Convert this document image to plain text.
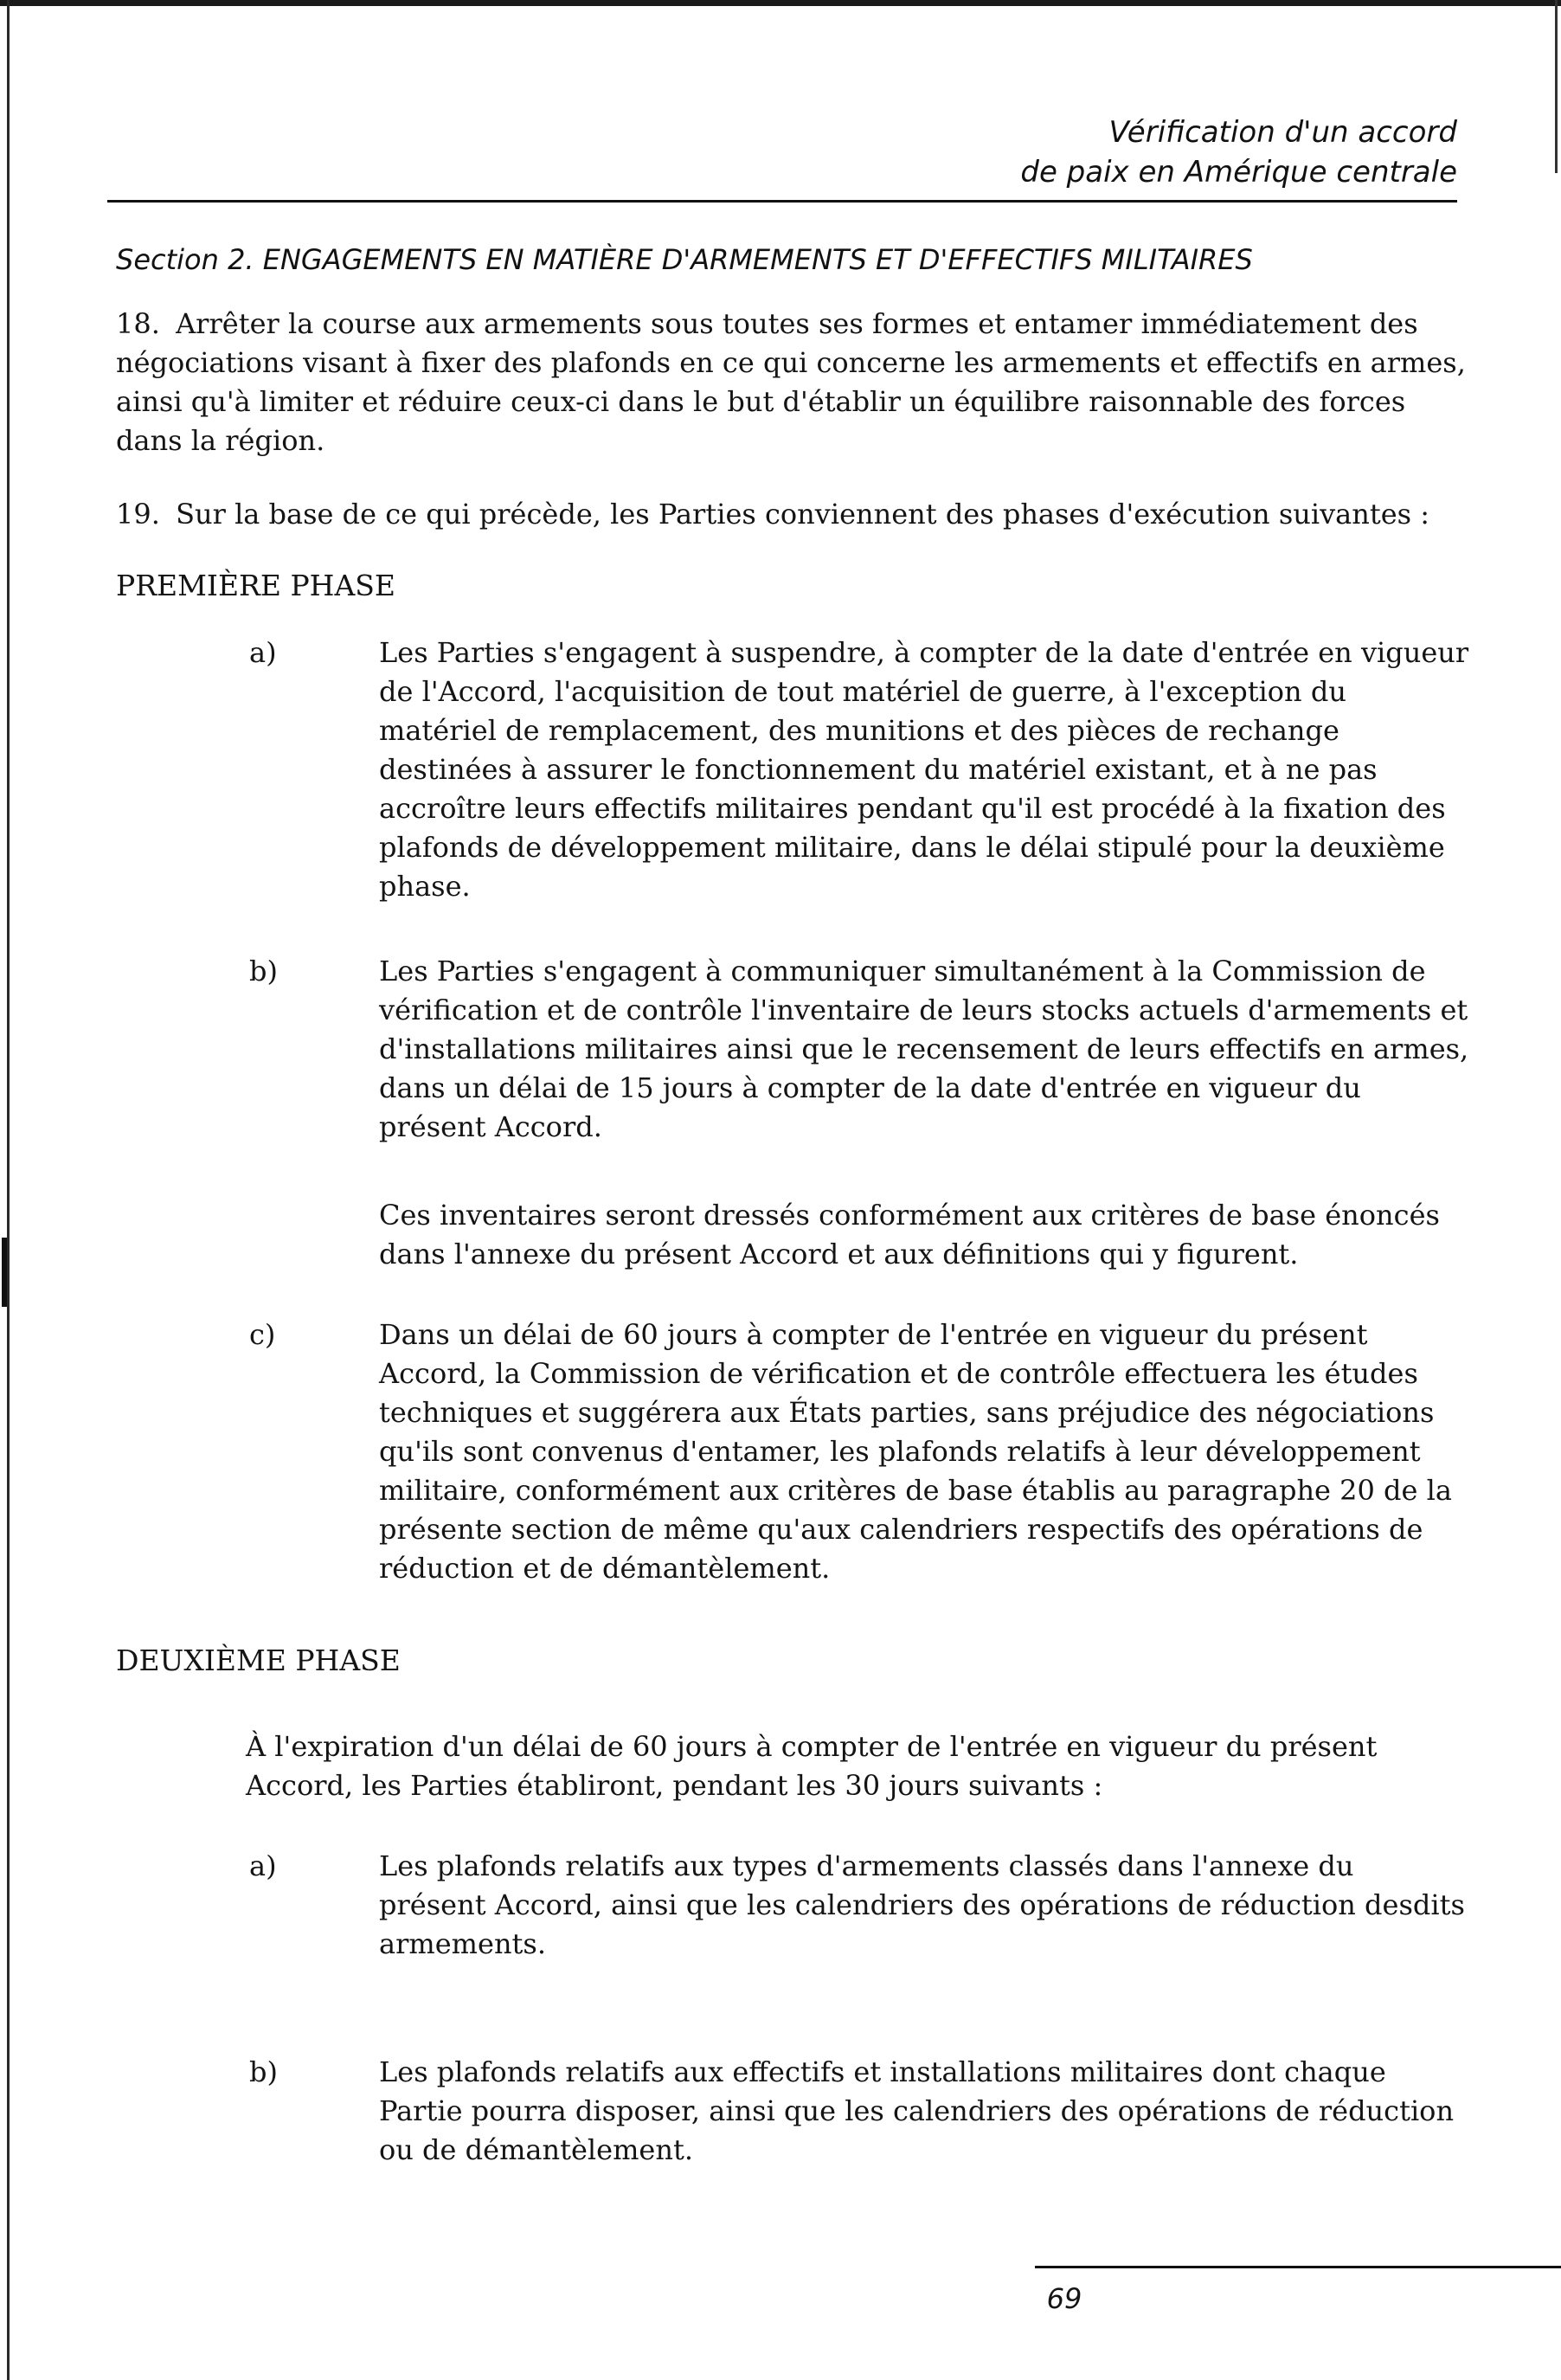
Vérification d'un accord
de paix en Amérique centrale
Section 2. ENGAGEMENTS EN MATIÈRE D'ARMEMENTS ET D'EFFECTIFS MILITAIRES
18. Arrêter la course aux armements sous toutes ses formes et entamer immédiatement des négociations visant à fixer des plafonds en ce qui concerne les armements et effectifs en armes, ainsi qu'à limiter et réduire ceux-ci dans le but d'établir un équilibre raisonnable des forces dans la région.
19. Sur la base de ce qui précède, les Parties conviennent des phases d'exécution suivantes :
PREMIÈRE PHASE
a)	Les Parties s'engagent à suspendre, à compter de la date d'entrée en vigueur de l'Accord, l'acquisition de tout matériel de guerre, à l'exception du matériel de remplacement, des munitions et des pièces de rechange destinées à assurer le fonctionnement du matériel existant, et à ne pas accroître leurs effectifs militaires pendant qu'il est procédé à la fixation des plafonds de développement militaire, dans le délai stipulé pour la deuxième phase.
b)	Les Parties s'engagent à communiquer simultanément à la Commission de vérification et de contrôle l'inventaire de leurs stocks actuels d'armements et d'installations militaires ainsi que le recensement de leurs effectifs en armes, dans un délai de 15 jours à compter de la date d'entrée en vigueur du présent Accord.
Ces inventaires seront dressés conformément aux critères de base énoncés dans l'annexe du présent Accord et aux définitions qui y figurent.
c)	Dans un délai de 60 jours à compter de l'entrée en vigueur du présent Accord, la Commission de vérification et de contrôle effectuera les études techniques et suggérera aux États parties, sans préjudice des négociations qu'ils sont convenus d'entamer, les plafonds relatifs à leur développement militaire, conformément aux critères de base établis au paragraphe 20 de la présente section de même qu'aux calendriers respectifs des opérations de réduction et de démantèlement.
DEUXIÈME PHASE
À l'expiration d'un délai de 60 jours à compter de l'entrée en vigueur du présent Accord, les Parties établiront, pendant les 30 jours suivants :
a)	Les plafonds relatifs aux types d'armements classés dans l'annexe du présent Accord, ainsi que les calendriers des opérations de réduction desdits armements.
b)	Les plafonds relatifs aux effectifs et installations militaires dont chaque Partie pourra disposer, ainsi que les calendriers des opérations de réduction ou de démantèlement.
69
